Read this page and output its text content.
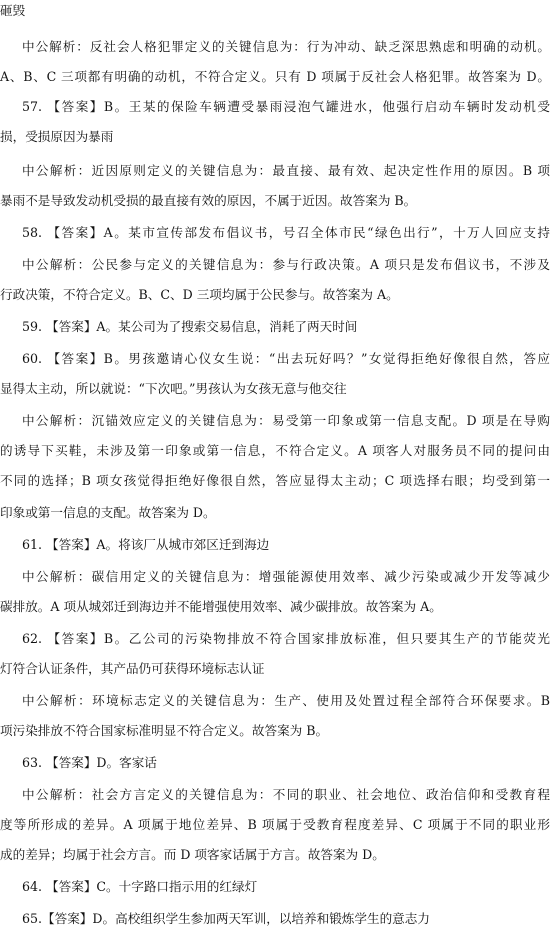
砸毁
中公解析：反社会人格犯罪定义的关键信息为：行为冲动、缺乏深思熟虑和明确的动机。
A、B、C 三项都有明确的动机，不符合定义。只有 D 项属于反社会人格犯罪。故答案为 D。
57. 【答案】B。王某的保险车辆遭受暴雨浸泡气罐进水，他强行启动车辆时发动机受
损，受损原因为暴雨
中公解析：近因原则定义的关键信息为：最直接、最有效、起决定性作用的原因。B 项
暴雨不是导致发动机受损的最直接有效的原因，不属于近因。故答案为 B。
58. 【答案】A。某市宣传部发布倡议书，号召全体市民“绿色出行”，十万人回应支持
中公解析：公民参与定义的关键信息为：参与行政决策。A 项只是发布倡议书，不涉及
行政决策，不符合定义。B、C、D 三项均属于公民参与。故答案为 A。
59. 【答案】A。某公司为了搜索交易信息，消耗了两天时间
60. 【答案】B。男孩邀请心仪女生说：“出去玩好吗？”女觉得拒绝好像很自然，答应
显得太主动，所以就说：“下次吧。”男孩认为女孩无意与他交往
中公解析：沉锚效应定义的关键信息为：易受第一印象或第一信息支配。D 项是在导购
的诱导下买鞋，未涉及第一印象或第一信息，不符合定义。A 项客人对服务员不同的提问由
不同的选择；B 项女孩觉得拒绝好像很自然，答应显得太主动；C 项选择右眼；均受到第一
印象或第一信息的支配。故答案为 D。
61. 【答案】A。将该厂从城市郊区迁到海边
中公解析：碳信用定义的关键信息为：增强能源使用效率、减少污染或减少开发等减少
碳排放。A 项从城郊迁到海边并不能增强使用效率、减少碳排放。故答案为 A。
62. 【答案】B。乙公司的污染物排放不符合国家排放标准，但只要其生产的节能荧光
灯符合认证条件，其产品仍可获得环境标志认证
中公解析：环境标志定义的关键信息为：生产、使用及处置过程全部符合环保要求。B
项污染排放不符合国家标准明显不符合定义。故答案为 B。
63. 【答案】D。客家话
中公解析：社会方言定义的关键信息为：不同的职业、社会地位、政治信仰和受教育程
度等所形成的差异。A 项属于地位差异、B 项属于受教育程度差异、C 项属于不同的职业形
成的差异；均属于社会方言。而 D 项客家话属于方言。故答案为 D。
64. 【答案】C。十字路口指示用的红绿灯
65.【答案】D。高校组织学生参加两天军训，以培养和锻炼学生的意志力
